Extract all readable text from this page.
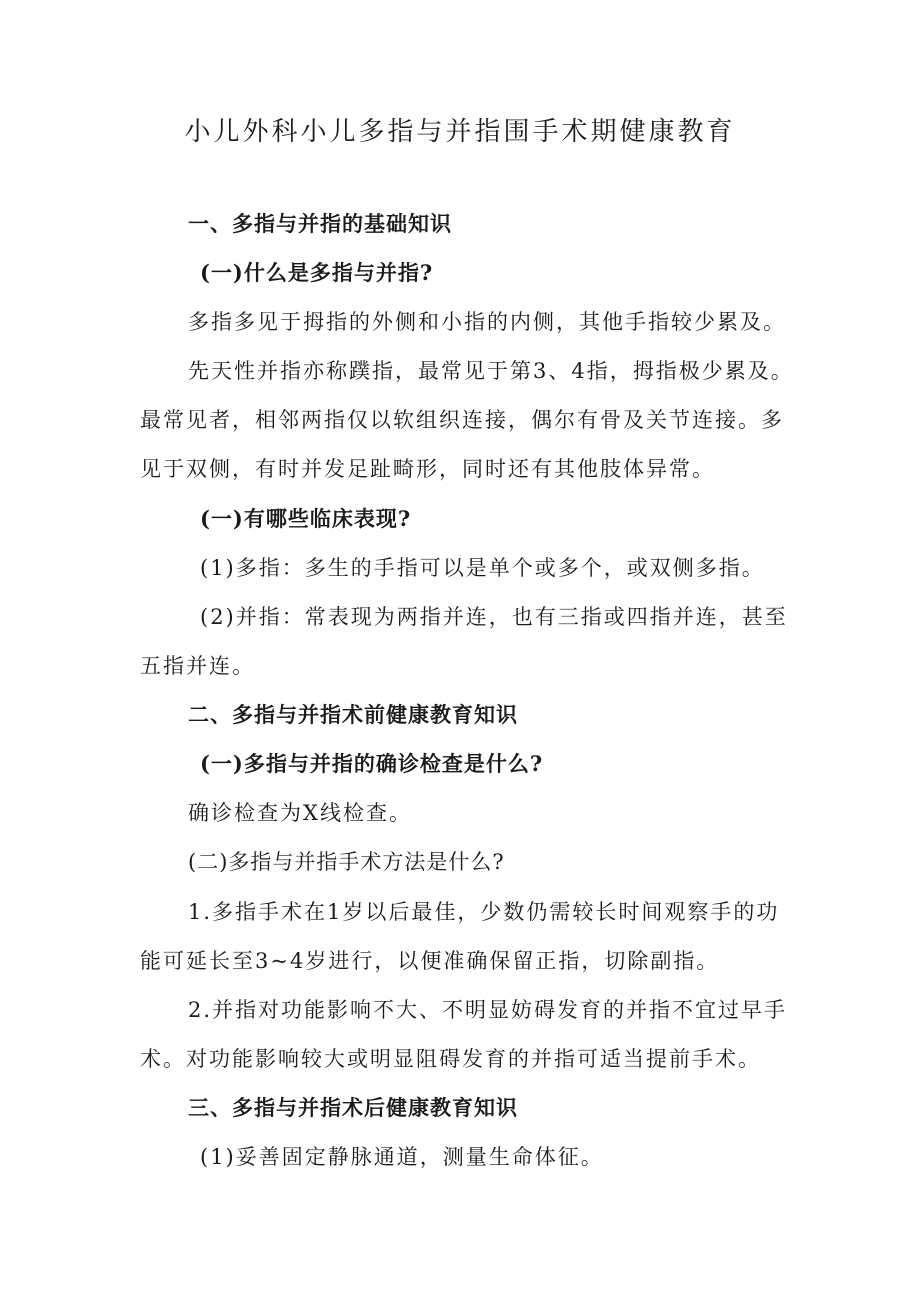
小儿外科小儿多指与并指围手术期健康教育
一、多指与并指的基础知识
(一)什么是多指与并指?
多指多见于拇指的外侧和小指的内侧，其他手指较少累及。
先天性并指亦称蹼指，最常见于第3、4指，拇指极少累及。
最常见者，相邻两指仅以软组织连接，偶尔有骨及关节连接。多
见于双侧，有时并发足趾畸形，同时还有其他肢体异常。
(一)有哪些临床表现?
(1)多指：多生的手指可以是单个或多个，或双侧多指。
(2)并指：常表现为两指并连，也有三指或四指并连，甚至
五指并连。
二、多指与并指术前健康教育知识
(一)多指与并指的确诊检查是什么?
确诊检查为X线检查。
(二)多指与并指手术方法是什么?
1.多指手术在1岁以后最佳，少数仍需较长时间观察手的功
能可延长至3~4岁进行，以便准确保留正指，切除副指。
2.并指对功能影响不大、不明显妨碍发育的并指不宜过早手
术。对功能影响较大或明显阻碍发育的并指可适当提前手术。
三、多指与并指术后健康教育知识
(1)妥善固定静脉通道，测量生命体征。
